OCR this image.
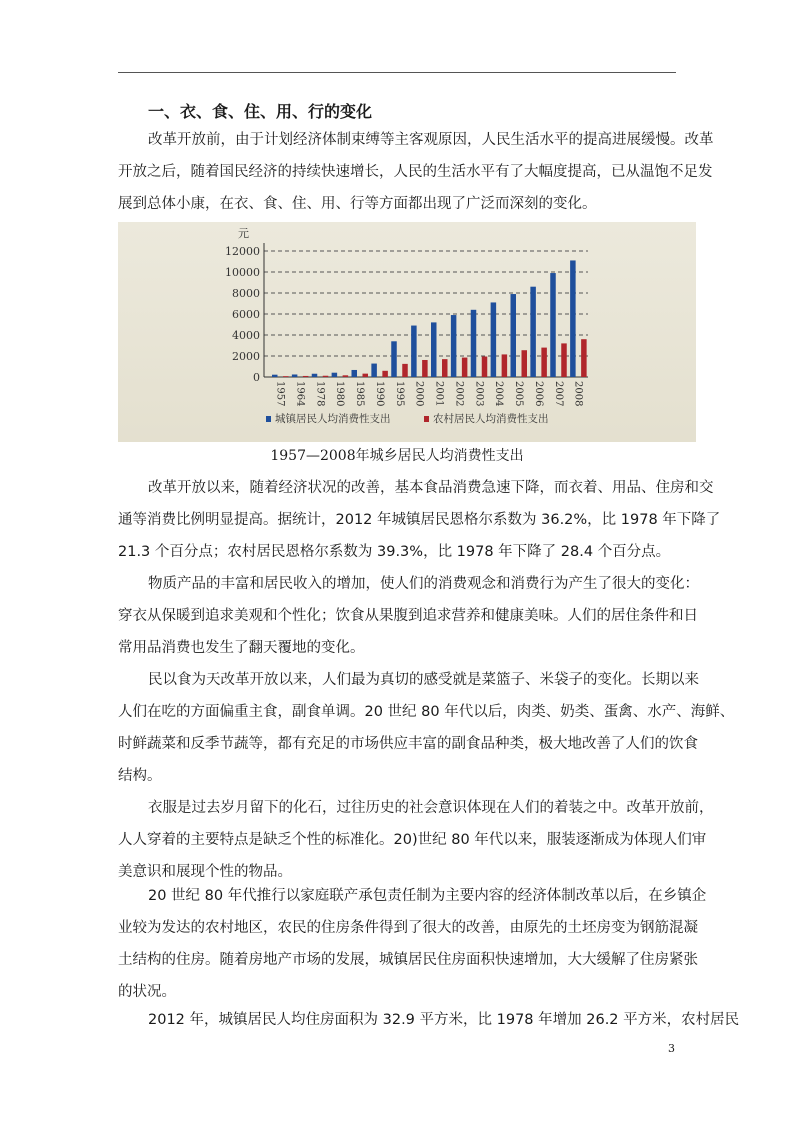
一、衣、食、住、用、行的变化
改革开放前，由于计划经济体制束缚等主客观原因，人民生活水平的提高进展缓慢。改革
开放之后，随着国民经济的持续快速增长，人民的生活水平有了大幅度提高，已从温饱不足发
展到总体小康，在衣、食、住、用、行等方面都出现了广泛而深刻的变化。
0
2000
4000
6000
8000
10000
12000
元
1957 1964 1978 1980 1985 1990 1995 2000 2001 2002 2003 2004 2005 2006 2007 2008
城镇居民人均消费性支出	农村居民人均消费性支出
1957—2008年城乡居民人均消费性支出
改革开放以来，随着经济状况的改善，基本食品消费急速下降，而衣着、用品、住房和交
通等消费比例明显提高。据统计，2012 年城镇居民恩格尔系数为 36.2%，比 1978 年下降了
21.3 个百分点；农村居民恩格尔系数为 39.3%，比 1978 年下降了 28.4 个百分点。
物质产品的丰富和居民收入的增加，使人们的消费观念和消费行为产生了很大的变化：
穿衣从保暖到追求美观和个性化；饮食从果腹到追求营养和健康美味。人们的居住条件和日
常用品消费也发生了翻天覆地的变化。
民以食为天改革开放以来，人们最为真切的感受就是菜篮子、米袋子的变化。长期以来
人们在吃的方面偏重主食，副食单调。20 世纪 80 年代以后，肉类、奶类、蛋禽、水产、海鲜、
时鲜蔬菜和反季节蔬等，都有充足的市场供应丰富的副食品种类，极大地改善了人们的饮食
结构。
衣服是过去岁月留下的化石，过往历史的社会意识体现在人们的着装之中。改革开放前，
人人穿着的主要特点是缺乏个性的标准化。20)世纪 80 年代以来，服装逐渐成为体现人们审
美意识和展现个性的物品。
20 世纪 80 年代推行以家庭联产承包责任制为主要内容的经济体制改革以后，在乡镇企
业较为发达的农村地区，农民的住房条件得到了很大的改善，由原先的土坯房变为钢筋混凝
土结构的住房。随着房地产市场的发展，城镇居民住房面积快速增加，大大缓解了住房紧张
的状况。
2012 年，城镇居民人均住房面积为 32.9 平方米，比 1978 年增加 26.2 平方米，农村居民
3
